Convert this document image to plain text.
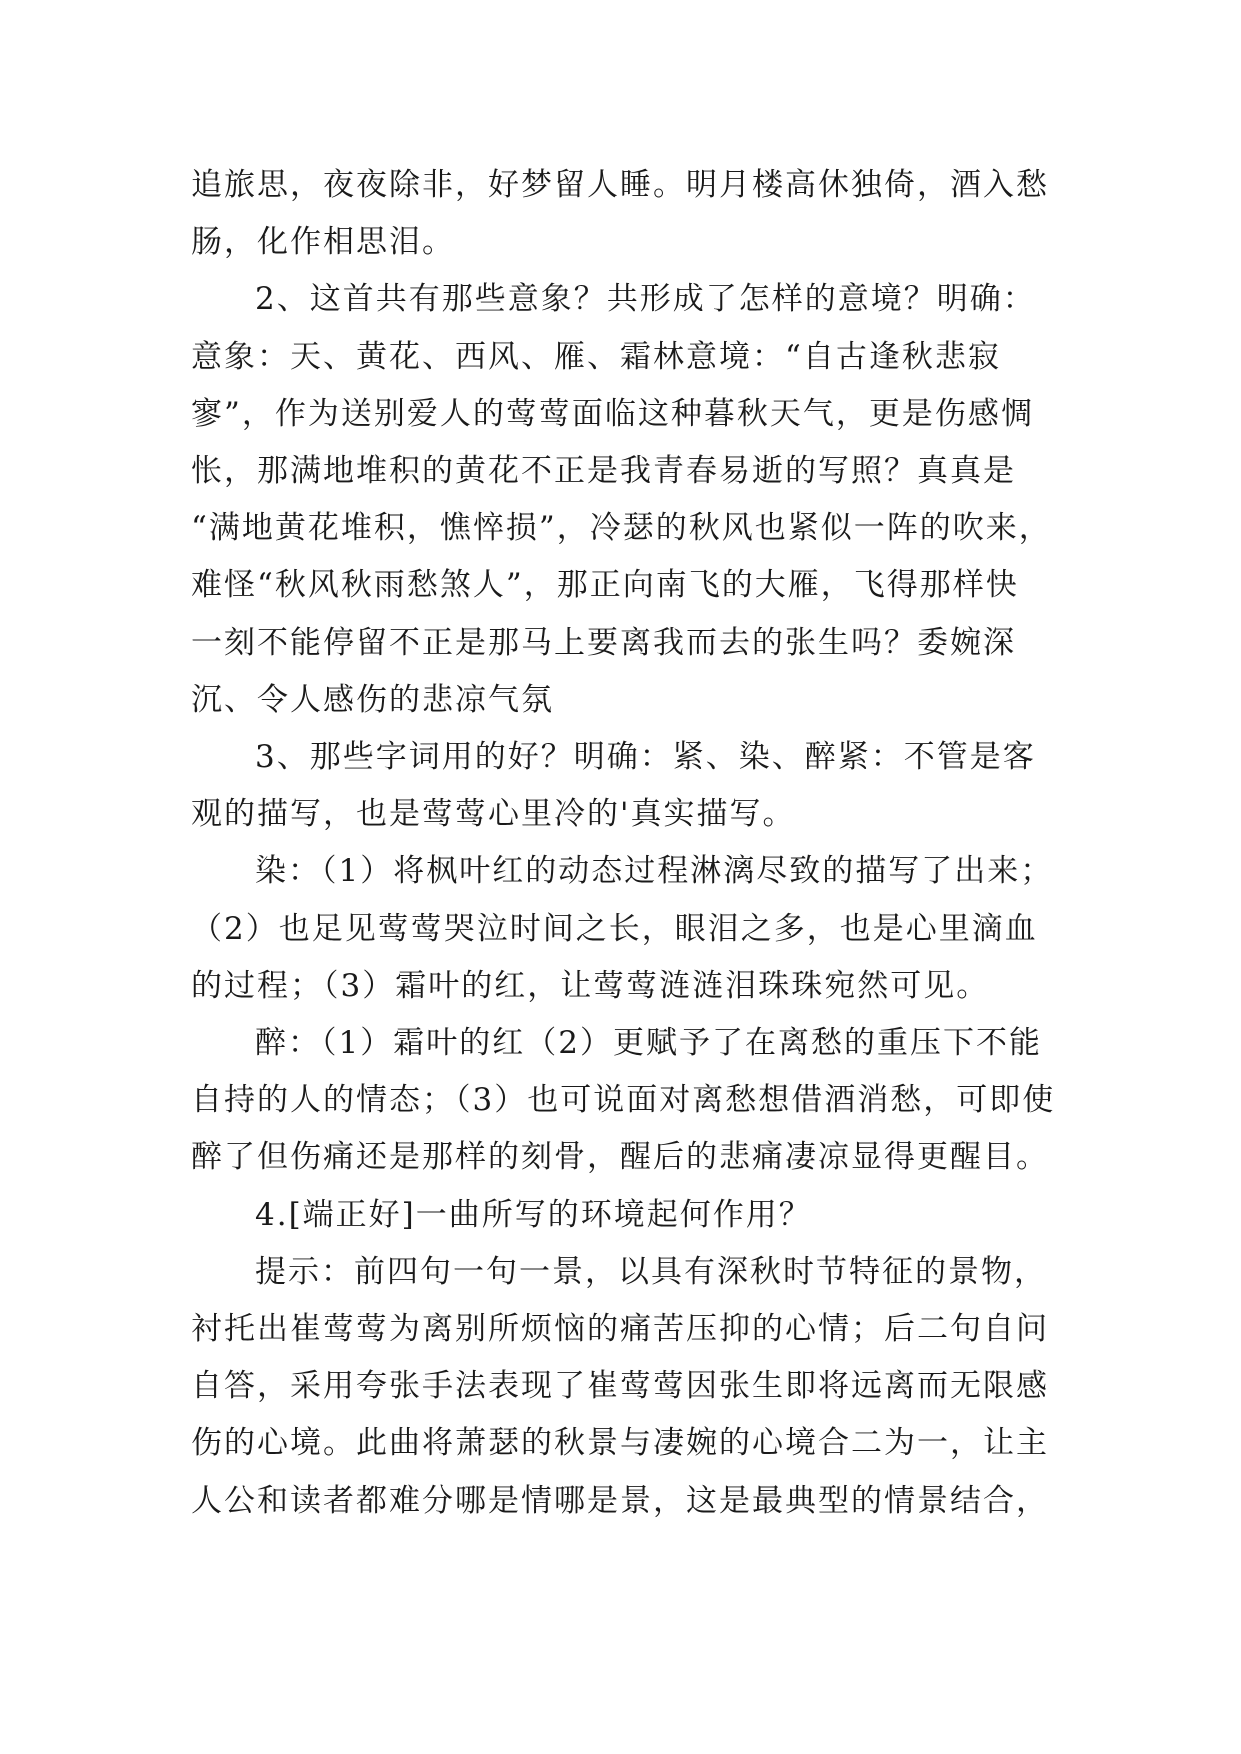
追旅思，夜夜除非，好梦留人睡。明月楼高休独倚，酒入愁
肠，化作相思泪。

2、这首共有那些意象？共形成了怎样的意境？明确：
意象：天、黄花、西风、雁、霜林意境：“自古逢秋悲寂
寥”，作为送别爱人的莺莺面临这种暮秋天气，更是伤感惆
怅，那满地堆积的黄花不正是我青春易逝的写照？真真是
“满地黄花堆积，憔悴损”，冷瑟的秋风也紧似一阵的吹来，
难怪“秋风秋雨愁煞人”，那正向南飞的大雁，飞得那样快
一刻不能停留不正是那马上要离我而去的张生吗？委婉深
沉、令人感伤的悲凉气氛

3、那些字词用的好？明确：紧、染、醉紧：不管是客
观的描写，也是莺莺心里冷的'真实描写。

染：（1）将枫叶红的动态过程淋漓尽致的描写了出来；
（2）也足见莺莺哭泣时间之长，眼泪之多，也是心里滴血
的过程；（3）霜叶的红，让莺莺涟涟泪珠珠宛然可见。

醉：（1）霜叶的红（2）更赋予了在离愁的重压下不能
自持的人的情态；（3）也可说面对离愁想借酒消愁，可即使
醉了但伤痛还是那样的刻骨，醒后的悲痛凄凉显得更醒目。

4.[端正好]一曲所写的环境起何作用？

提示：前四句一句一景，以具有深秋时节特征的景物，
衬托出崔莺莺为离别所烦恼的痛苦压抑的心情；后二句自问
自答，采用夸张手法表现了崔莺莺因张生即将远离而无限感
伤的心境。此曲将萧瑟的秋景与凄婉的心境合二为一，让主
人公和读者都难分哪是情哪是景，这是最典型的情景结合，
